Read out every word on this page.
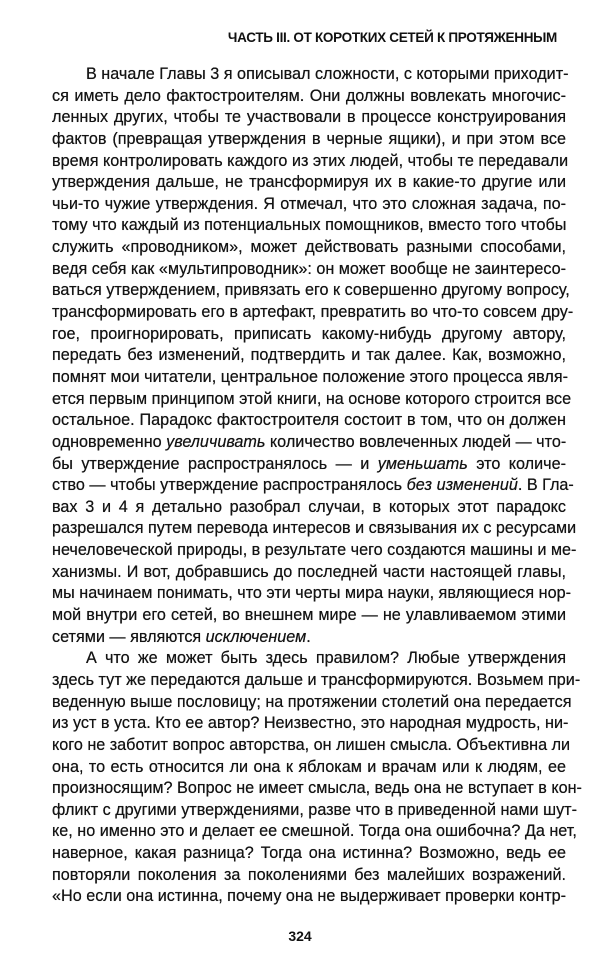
ЧАСТЬ III. ОТ КОРОТКИХ СЕТЕЙ К ПРОТЯЖЕННЫМ
В начале Главы 3 я описывал сложности, с которыми приходит-
ся иметь дело фактостроителям. Они должны вовлекать многочис-
ленных других, чтобы те участвовали в процессе конструирования
фактов (превращая утверждения в черные ящики), и при этом все
время контролировать каждого из этих людей, чтобы те передавали
утверждения дальше, не трансформируя их в какие-то другие или
чьи-то чужие утверждения. Я отмечал, что это сложная задача, по-
тому что каждый из потенциальных помощников, вместо того чтобы
служить «проводником», может действовать разными способами,
ведя себя как «мультипроводник»: он может вообще не заинтересо-
ваться утверждением, привязать его к совершенно другому вопросу,
трансформировать его в артефакт, превратить во что-то совсем дру-
гое, проигнорировать, приписать какому-нибудь другому автору,
передать без изменений, подтвердить и так далее. Как, возможно,
помнят мои читатели, центральное положение этого процесса явля-
ется первым принципом этой книги, на основе которого строится все
остальное. Парадокс фактостроителя состоит в том, что он должен
одновременно увеличивать количество вовлеченных людей — что-
бы утверждение распространялось — и уменьшать это количе-
ство — чтобы утверждение распространялось без изменений. В Гла-
вах 3 и 4 я детально разобрал случаи, в которых этот парадокс
разрешался путем перевода интересов и связывания их с ресурсами
нечеловеческой природы, в результате чего создаются машины и ме-
ханизмы. И вот, добравшись до последней части настоящей главы,
мы начинаем понимать, что эти черты мира науки, являющиеся нор-
мой внутри его сетей, во внешнем мире — не улавливаемом этими
сетями — являются исключением.
А что же может быть здесь правилом? Любые утверждения
здесь тут же передаются дальше и трансформируются. Возьмем при-
веденную выше пословицу; на протяжении столетий она передается
из уст в уста. Кто ее автор? Неизвестно, это народная мудрость, ни-
кого не заботит вопрос авторства, он лишен смысла. Объективна ли
она, то есть относится ли она к яблокам и врачам или к людям, ее
произносящим? Вопрос не имеет смысла, ведь она не вступает в кон-
фликт с другими утверждениями, разве что в приведенной нами шут-
ке, но именно это и делает ее смешной. Тогда она ошибочна? Да нет,
наверное, какая разница? Тогда она истинна? Возможно, ведь ее
повторяли поколения за поколениями без малейших возражений.
«Но если она истинна, почему она не выдерживает проверки контр-
324
